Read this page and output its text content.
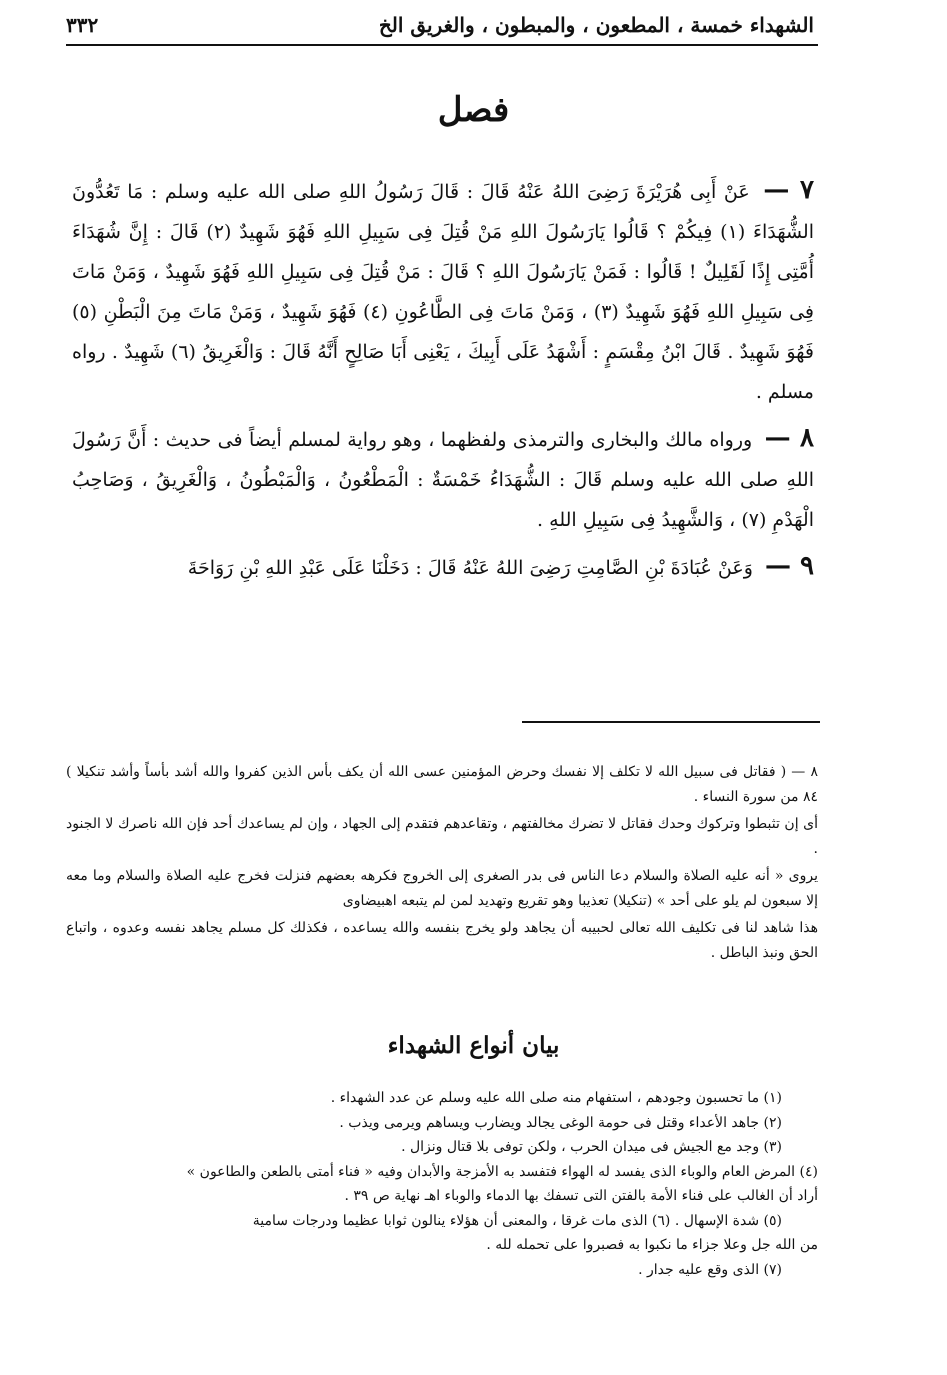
الشهداء خمسة ، المطعون ، والمبطون ، والغريق الخ
٣٣٢
فصل

٧ — عَنْ أَبِى هُرَيْرَةَ رَضِىَ اللهُ عَنْهُ قَالَ : قَالَ رَسُولُ اللهِ صلى الله عليه وسلم : مَا تَعُدُّونَ الشُّهَدَاءَ (١) فِيكُمْ ؟ قَالُوا يَارَسُولَ اللهِ مَنْ قُتِلَ فِى سَبِيلِ اللهِ فَهُوَ شَهِيدٌ (٢) قَالَ : إِنَّ شُهَدَاءَ أُمَّتِى إِذًا لَقَلِيلٌ ! قَالُوا : فَمَنْ يَارَسُولَ اللهِ ؟ قَالَ : مَنْ قُتِلَ فِى سَبِيلِ اللهِ فَهُوَ شَهِيدٌ ، وَمَنْ مَاتَ فِى سَبِيلِ اللهِ فَهُوَ شَهِيدٌ (٣) ، وَمَنْ مَاتَ فِى الطَّاعُونِ (٤) فَهُوَ شَهِيدٌ ، وَمَنْ مَاتَ مِنَ الْبَطْنِ (٥) فَهُوَ شَهِيدٌ . قَالَ ابْنُ مِقْسَمٍ : أَشْهَدُ عَلَى أَبِيكَ ، يَعْنِى أَبَا صَالِحٍ أَنَّهُ قَالَ : وَالْغَرِيقُ (٦) شَهِيدٌ . رواه مسلم .

٨ — ورواه مالك والبخارى والترمذى ولفظهما ، وهو رواية لمسلم أيضاً فى حديث : أَنَّ رَسُولَ اللهِ صلى الله عليه وسلم قَالَ : الشُّهَدَاءُ خَمْسَةٌ : الْمَطْعُونُ ، وَالْمَبْطُونُ ، وَالْغَرِيقُ ، وَصَاحِبُ الْهَدْمِ (٧) ، وَالشَّهِيدُ فِى سَبِيلِ اللهِ .

٩ — وَعَنْ عُبَادَةَ بْنِ الصَّامِتِ رَضِىَ اللهُ عَنْهُ قَالَ : دَخَلْنَا عَلَى عَبْدِ اللهِ بْنِ رَوَاحَةَ

٨ — ( فقاتل فى سبيل الله لا تكلف إلا نفسك وحرض المؤمنين عسى الله أن يكف بأس الذين كفروا والله أشد بأساً وأشد تنكيلا ) ٨٤ من سورة النساء .

أى إن تثبطوا وتركوك وحدك فقاتل لا تضرك مخالفتهم ، وتقاعدهم فتقدم إلى الجهاد ، وإن لم يساعدك أحد فإن الله ناصرك لا الجنود .

يروى « أنه عليه الصلاة والسلام دعا الناس فى بدر الصغرى إلى الخروج فكرهه بعضهم فنزلت فخرج عليه الصلاة والسلام وما معه إلا سبعون لم يلو على أحد » (تنكيلا) تعذيبا وهو تقريع وتهديد لمن لم يتبعه اهبيضاوى

هذا شاهد لنا فى تكليف الله تعالى لحبيبه أن يجاهد ولو يخرج بنفسه والله يساعده ، فكذلك كل مسلم يجاهد نفسه وعدوه ، واتباع الحق ونبذ الباطل .

بيان أنواع الشهداء

(١) ما تحسبون وجودهم ، استفهام منه صلى الله عليه وسلم عن عدد الشهداء .

(٢) جاهد الأعداء وقتل فى حومة الوغى يجالد ويضارب ويساهم ويرمى ويذب .

(٣) وجد مع الجيش فى ميدان الحرب ، ولكن توفى بلا قتال ونزال .

(٤) المرض العام والوباء الذى يفسد له الهواء فتفسد به الأمزجة والأبدان وفيه « فناء أمتى بالطعن والطاعون »

أراد أن الغالب على فناء الأمة بالفتن التى تسفك بها الدماء والوباء اهـ نهاية ص ٣٩ .

(٥) شدة الإسهال . (٦) الذى مات غرقا ، والمعنى أن هؤلاء ينالون ثوابا عظيما ودرجات سامية

من الله جل وعلا جزاء ما نكبوا به فصبروا على تحمله لله .

(٧) الذى وقع عليه جدار .
